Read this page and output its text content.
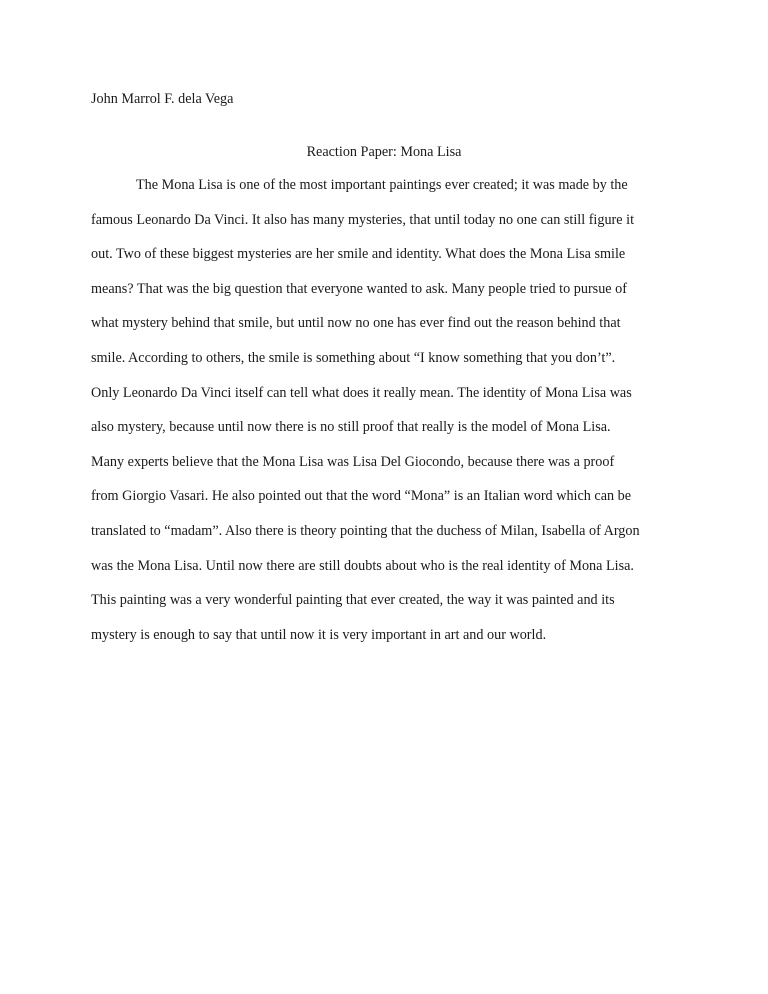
John Marrol F. dela Vega

Reaction Paper: Mona Lisa

The Mona Lisa is one of the most important paintings ever created; it was made by the
famous Leonardo Da Vinci. It also has many mysteries, that until today no one can still figure it
out. Two of these biggest mysteries are her smile and identity. What does the Mona Lisa smile
means? That was the big question that everyone wanted to ask. Many people tried to pursue of
what mystery behind that smile, but until now no one has ever find out the reason behind that
smile. According to others, the smile is something about “I know something that you don’t”.
Only Leonardo Da Vinci itself can tell what does it really mean. The identity of Mona Lisa was
also mystery, because until now there is no still proof that really is the model of Mona Lisa.
Many experts believe that the Mona Lisa was Lisa Del Giocondo, because there was a proof
from Giorgio Vasari. He also pointed out that the word “Mona” is an Italian word which can be
translated to “madam”. Also there is theory pointing that the duchess of Milan, Isabella of Argon
was the Mona Lisa. Until now there are still doubts about who is the real identity of Mona Lisa.
This painting was a very wonderful painting that ever created, the way it was painted and its
mystery is enough to say that until now it is very important in art and our world.
